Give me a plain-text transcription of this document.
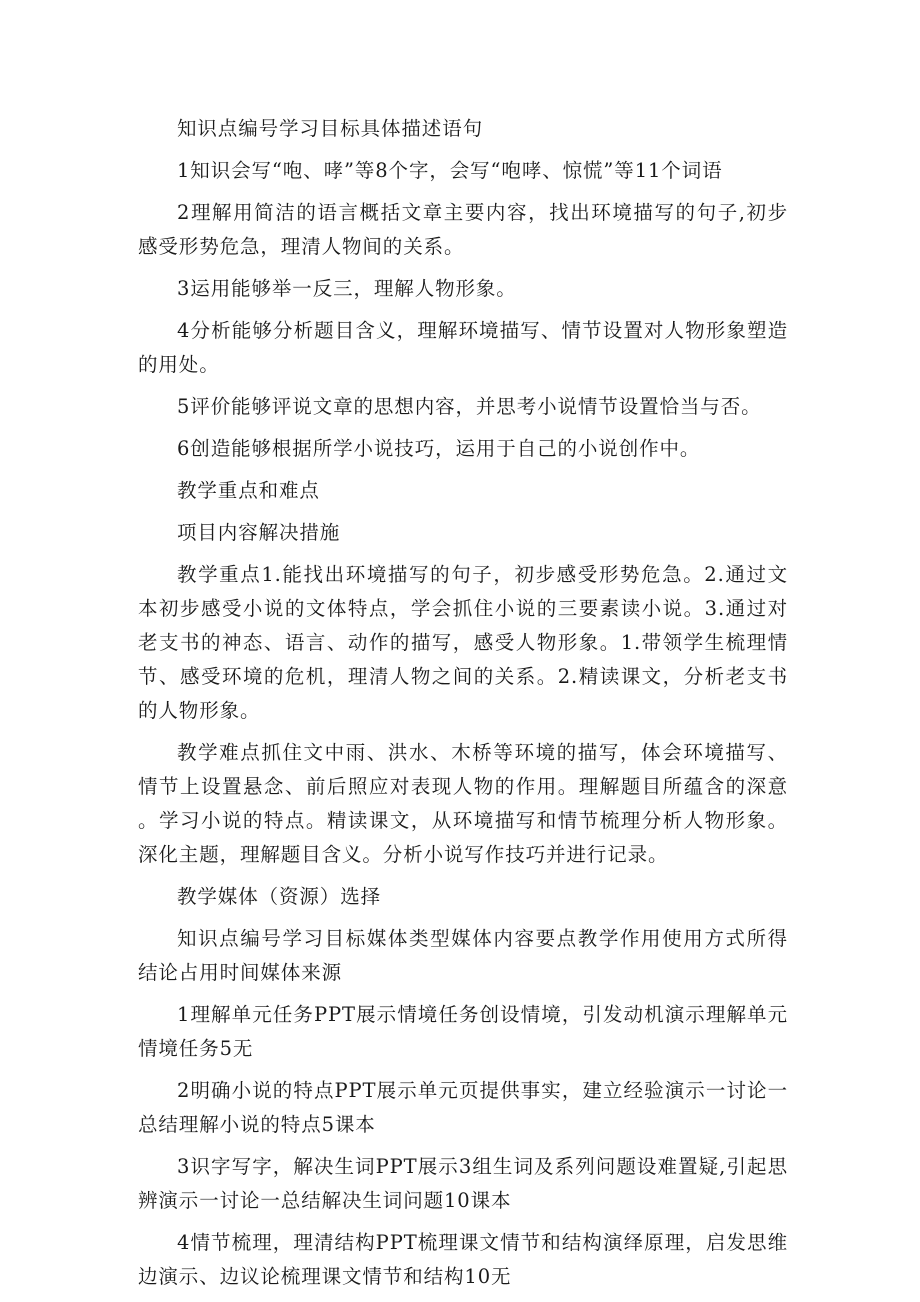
知识点编号学习目标具体描述语句

1知识会写“咆、哮”等8个字，会写“咆哮、惊慌”等11个词语

2理解用简洁的语言概括文章主要内容，找出环境描写的句子,初步感受形势危急，理清人物间的关系。

3运用能够举一反三，理解人物形象。

4分析能够分析题目含义，理解环境描写、情节设置对人物形象塑造的用处。

5评价能够评说文章的思想内容，并思考小说情节设置恰当与否。

6创造能够根据所学小说技巧，运用于自己的小说创作中。

教学重点和难点

项目内容解决措施

教学重点1.能找出环境描写的句子，初步感受形势危急。2.通过文本初步感受小说的文体特点，学会抓住小说的三要素读小说。3.通过对老支书的神态、语言、动作的描写，感受人物形象。1.带领学生梳理情节、感受环境的危机，理清人物之间的关系。2.精读课文，分析老支书的人物形象。

教学难点抓住文中雨、洪水、木桥等环境的描写，体会环境描写、情节上设置悬念、前后照应对表现人物的作用。理解题目所蕴含的深意。学习小说的特点。精读课文，从环境描写和情节梳理分析人物形象。深化主题，理解题目含义。分析小说写作技巧并进行记录。

教学媒体（资源）选择

知识点编号学习目标媒体类型媒体内容要点教学作用使用方式所得结论占用时间媒体来源

1理解单元任务PPT展示情境任务创设情境，引发动机演示理解单元情境任务5无

2明确小说的特点PPT展示单元页提供事实，建立经验演示一讨论一总结理解小说的特点5课本

3识字写字，解决生词PPT展示3组生词及系列问题设难置疑,引起思辨演示一讨论一总结解决生词问题10课本

4情节梳理，理清结构PPT梳理课文情节和结构演绎原理，启发思维边演示、边议论梳理课文情节和结构10无
